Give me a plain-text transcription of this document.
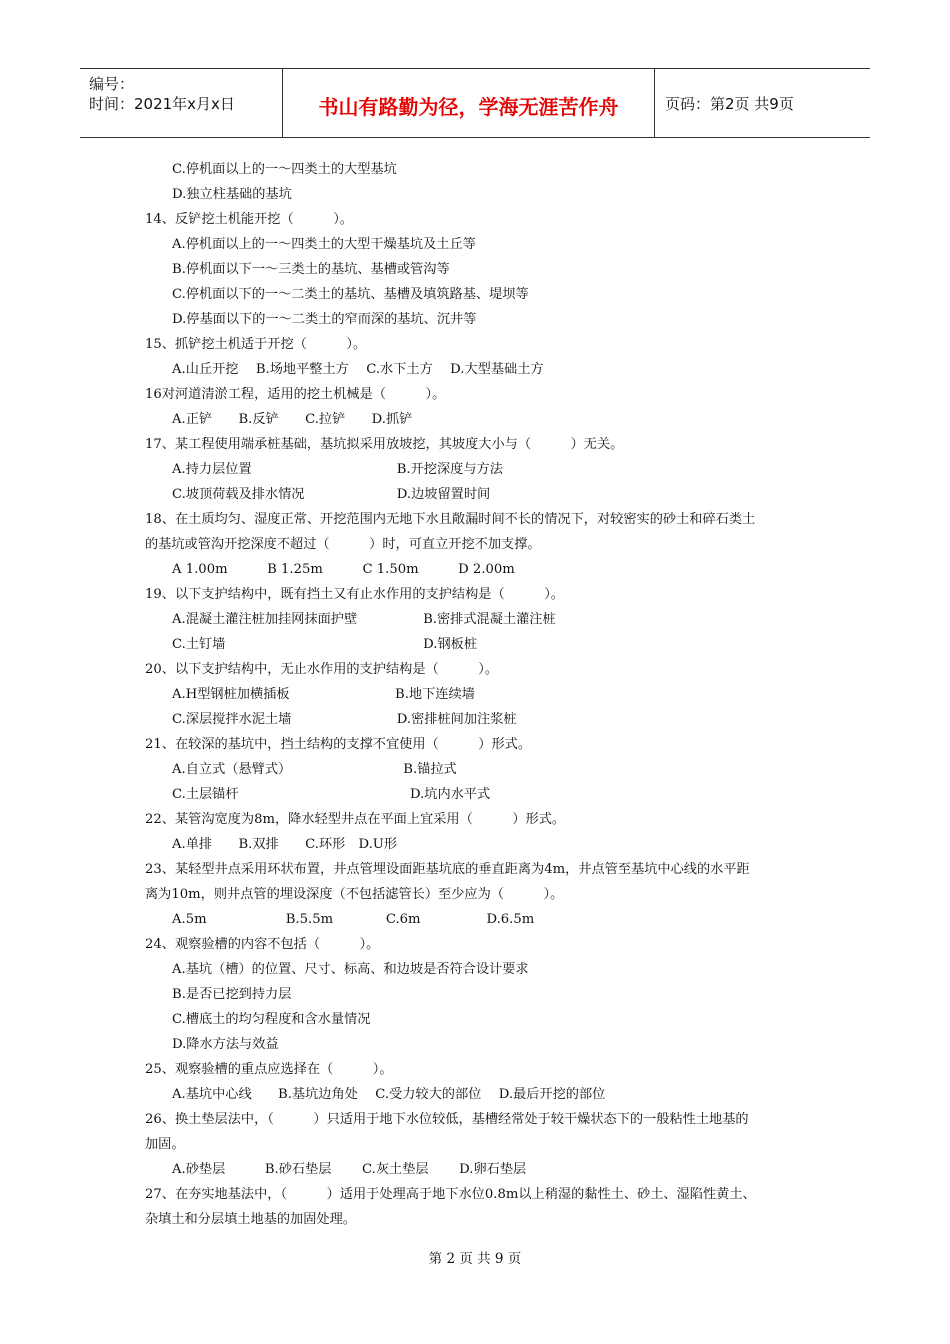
编号：
时间：2021年x月x日	书山有路勤为径，学海无涯苦作舟	页码：第2页 共9页
C.停机面以上的一～四类土的大型基坑
D.独立柱基础的基坑
14、反铲挖土机能开挖（　　　）。
A.停机面以上的一～四类土的大型干燥基坑及土丘等
B.停机面以下一～三类土的基坑、基槽或管沟等
C.停机面以下的一～二类土的基坑、基槽及填筑路基、堤坝等
D.停基面以下的一～二类土的窄而深的基坑、沉井等
15、抓铲挖土机适于开挖（　　　）。
A.山丘开挖　 B.场地平整土方　 C.水下土方　 D.大型基础土方
16对河道清淤工程，适用的挖土机械是（　　　）。
A.正铲　　B.反铲　　C.拉铲　　D.抓铲
17、某工程使用端承桩基础，基坑拟采用放坡挖，其坡度大小与（　　　）无关。
A.持力层位置　　　　　　　　　　　B.开挖深度与方法
C.坡顶荷载及排水情况　　　　　　　D.边坡留置时间
18、在土质均匀、湿度正常、开挖范围内无地下水且敞漏时间不长的情况下，对较密实的砂土和碎石类土
的基坑或管沟开挖深度不超过（　　　）时，可直立开挖不加支撑。
A 1.00m　　　B 1.25m　　　C 1.50m　　　D 2.00m
19、以下支护结构中，既有挡土又有止水作用的支护结构是（　　　）。
A.混凝土灌注桩加挂网抹面护壁　　　　　B.密排式混凝土灌注桩
C.土钉墙　　　　　　　　　　　　　　　D.钢板桩
20、以下支护结构中，无止水作用的支护结构是（　　　）。
A.H型钢桩加横插板　　　　　　　　B.地下连续墙
C.深层搅拌水泥土墙　　　　　　　　D.密排桩间加注浆桩
21、在较深的基坑中，挡土结构的支撑不宜使用（　　　）形式。
A.自立式（悬臂式）　　　　　　　　　B.锚拉式
C.土层锚杆　　　　　　　　　　　　　D.坑内水平式
22、某管沟宽度为8m，降水轻型井点在平面上宜采用（　　　）形式。
A.单排　　B.双排　　C.环形　D.U形
23、某轻型井点采用环状布置，井点管埋设面距基坑底的垂直距离为4m，井点管至基坑中心线的水平距
离为10m，则井点管的埋设深度（不包括滤管长）至少应为（　　　）。
A.5m　　　　　　B.5.5m　　　　C.6m　　　　　D.6.5m
24、观察验槽的内容不包括（　　　）。
A.基坑（槽）的位置、尺寸、标高、和边坡是否符合设计要求
B.是否已挖到持力层
C.槽底土的均匀程度和含水量情况
D.降水方法与效益
25、观察验槽的重点应选择在（　　　）。
A.基坑中心线　　B.基坑边角处　 C.受力较大的部位　 D.最后开挖的部位
26、换土垫层法中，（　　　）只适用于地下水位较低，基槽经常处于较干燥状态下的一般粘性土地基的
加固。
A.砂垫层　　　B.砂石垫层　　 C.灰土垫层　　 D.卵石垫层
27、在夯实地基法中，（　　　）适用于处理高于地下水位0.8m以上稍湿的黏性土、砂土、湿陷性黄土、
杂填土和分层填土地基的加固处理。
第 2 页 共 9 页
